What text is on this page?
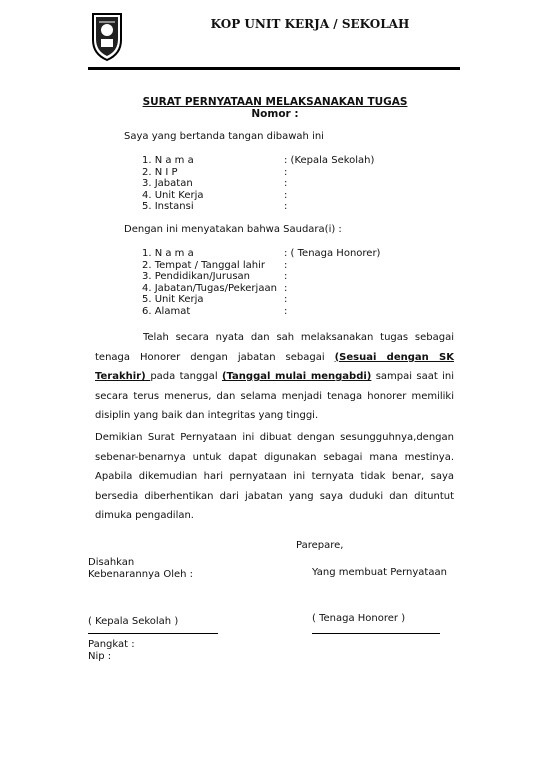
KOP UNIT KERJA / SEKOLAH
SURAT PERNYATAAN MELAKSANAKAN TUGAS
Nomor :
Saya yang bertanda tangan dibawah ini
1. N a m a	: (Kepala Sekolah)
2. N I P	:
3. Jabatan	:
4. Unit Kerja	:
5. Instansi	:
Dengan ini menyatakan bahwa Saudara(i) :
1. N a m a	: ( Tenaga Honorer)
2. Tempat / Tanggal lahir	:
3. Pendidikan/Jurusan	:
4. Jabatan/Tugas/Pekerjaan :
5. Unit Kerja	:
6. Alamat	:
Telah secara nyata dan sah melaksanakan tugas sebagai tenaga Honorer dengan jabatan sebagai (Sesuai dengan SK Terakhir) pada tanggal (Tanggal mulai mengabdi) sampai saat ini secara terus menerus, dan selama menjadi tenaga honorer memiliki disiplin yang baik dan integritas yang tinggi.
Demikian Surat Pernyataan ini dibuat dengan sesungguhnya,dengan sebenar-benarnya untuk dapat digunakan sebagai mana mestinya. Apabila dikemudian hari pernyataan ini ternyata tidak benar, saya bersedia diberhentikan dari jabatan yang saya duduki dan dituntut dimuka pengadilan.
Parepare,
Disahkan
Kebenarannya Oleh :	Yang membuat Pernyataan
( Kepala Sekolah )	( Tenaga Honorer )
Pangkat :
Nip :
